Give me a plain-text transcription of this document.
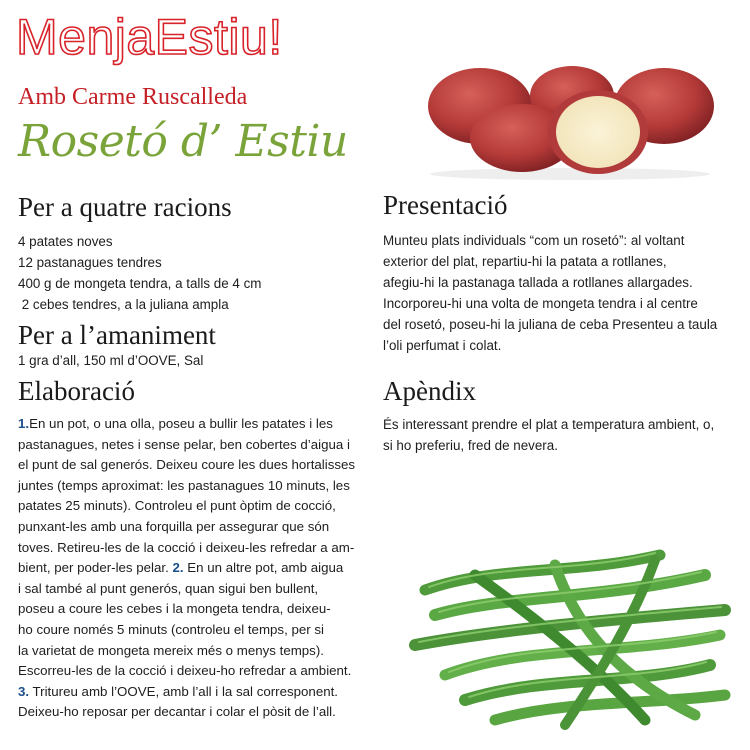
MenjaEstiu!
Amb Carme Ruscalleda
Rosetó d’ Estiu
Per a quatre racions
4 patates noves
12 pastanagues tendres
400 g de mongeta tendra, a talls de 4 cm
2 cebes tendres, a la juliana ampla
Per a l’amaniment
1 gra d’all, 150 ml d’OOVE, Sal
Elaboració
1.En un pot, o una olla, poseu a bullir les patates i les
pastanagues, netes i sense pelar, ben cobertes d’aigua i
el punt de sal generós. Deixeu coure les dues hortalisses
juntes (temps aproximat: les pastanagues 10 minuts, les
patates 25 minuts). Controleu el punt òptim de cocció,
punxant-les amb una forquilla per assegurar que són
toves. Retireu-les de la cocció i deixeu-les refredar a am-
bient, per poder-les pelar. 2. En un altre pot, amb aigua
i sal també al punt generós, quan sigui ben bullent,
poseu a coure les cebes i la mongeta tendra, deixeu-
ho coure només 5 minuts (controleu el temps, per si
la varietat de mongeta mereix més o menys temps).
Escorreu-les de la cocció i deixeu-ho refredar a ambient.
3. Tritureu amb l’OOVE, amb l’all i la sal corresponent.
Deixeu-ho reposar per decantar i colar el pòsit de l’all.
Presentació
Munteu plats individuals “com un rosetó”: al voltant
exterior del plat, repartiu-hi la patata a rotllanes,
afegiu-hi la pastanaga tallada a rotllanes allargades.
Incorporeu-hi una volta de mongeta tendra i al centre
del rosetó, poseu-hi la juliana de ceba Presenteu a taula
l’oli perfumat i colat.
Apèndix
És interessant prendre el plat a temperatura ambient, o,
si ho preferiu, fred de nevera.
